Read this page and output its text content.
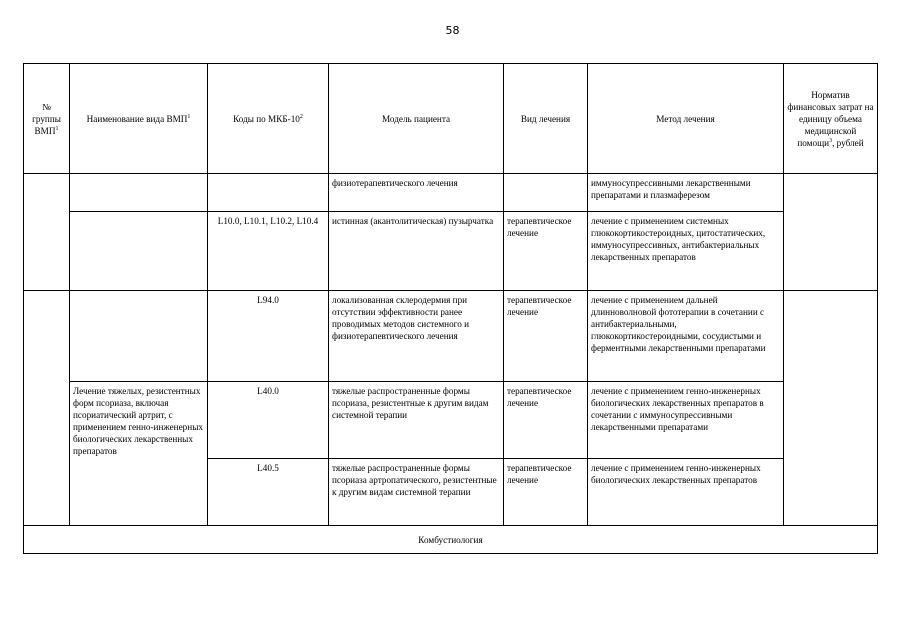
58
№ группы ВМП$^1$	Наименование вида ВМП$^1$	Коды по МКБ-$10^2$	Модель пациента	Вид лечения	Метод лечения	Норматив финансовых затрат на единицу объема медицинской помощи$^3$, рублей
			физиотерапевтического лечения		иммуносупрессивными лекарственными препаратами и плазмаферезом	
		L10.0, L10.1, L10.2, L10.4	истинная (акантолитическая) пузырчатка	терапевтическое лечение	лечение с применением системных глюкокортикостероидных, цитостатических, иммуносупрессивных, антибактериальных лекарственных препаратов	
		L94.0	локализованная склеродермия при отсутствии эффективности ранее проводимых методов системного и физиотерапевтического лечения	терапевтическое лечение	лечение с применением дальней длинноволновой фототерапии в сочетании с антибактериальными, глюкокортикостероидными, сосудистыми и ферментными лекарственными препаратами	
	Лечение тяжелых, резистентных форм псориаза, включая псориатический артрит, с применением генно-инженерных биологических лекарственных препаратов	L40.0	тяжелые распространенные формы псориаза, резистентные к другим видам системной терапии	терапевтическое лечение	лечение с применением генно-инженерных биологических лекарственных препаратов в сочетании с иммуносупрессивными лекарственными препаратами	
		L40.5	тяжелые распространенные формы псориаза артропатического, резистентные к другим видам системной терапии	терапевтическое лечение	лечение с применением генно-инженерных биологических лекарственных препаратов	
Комбустиология						
